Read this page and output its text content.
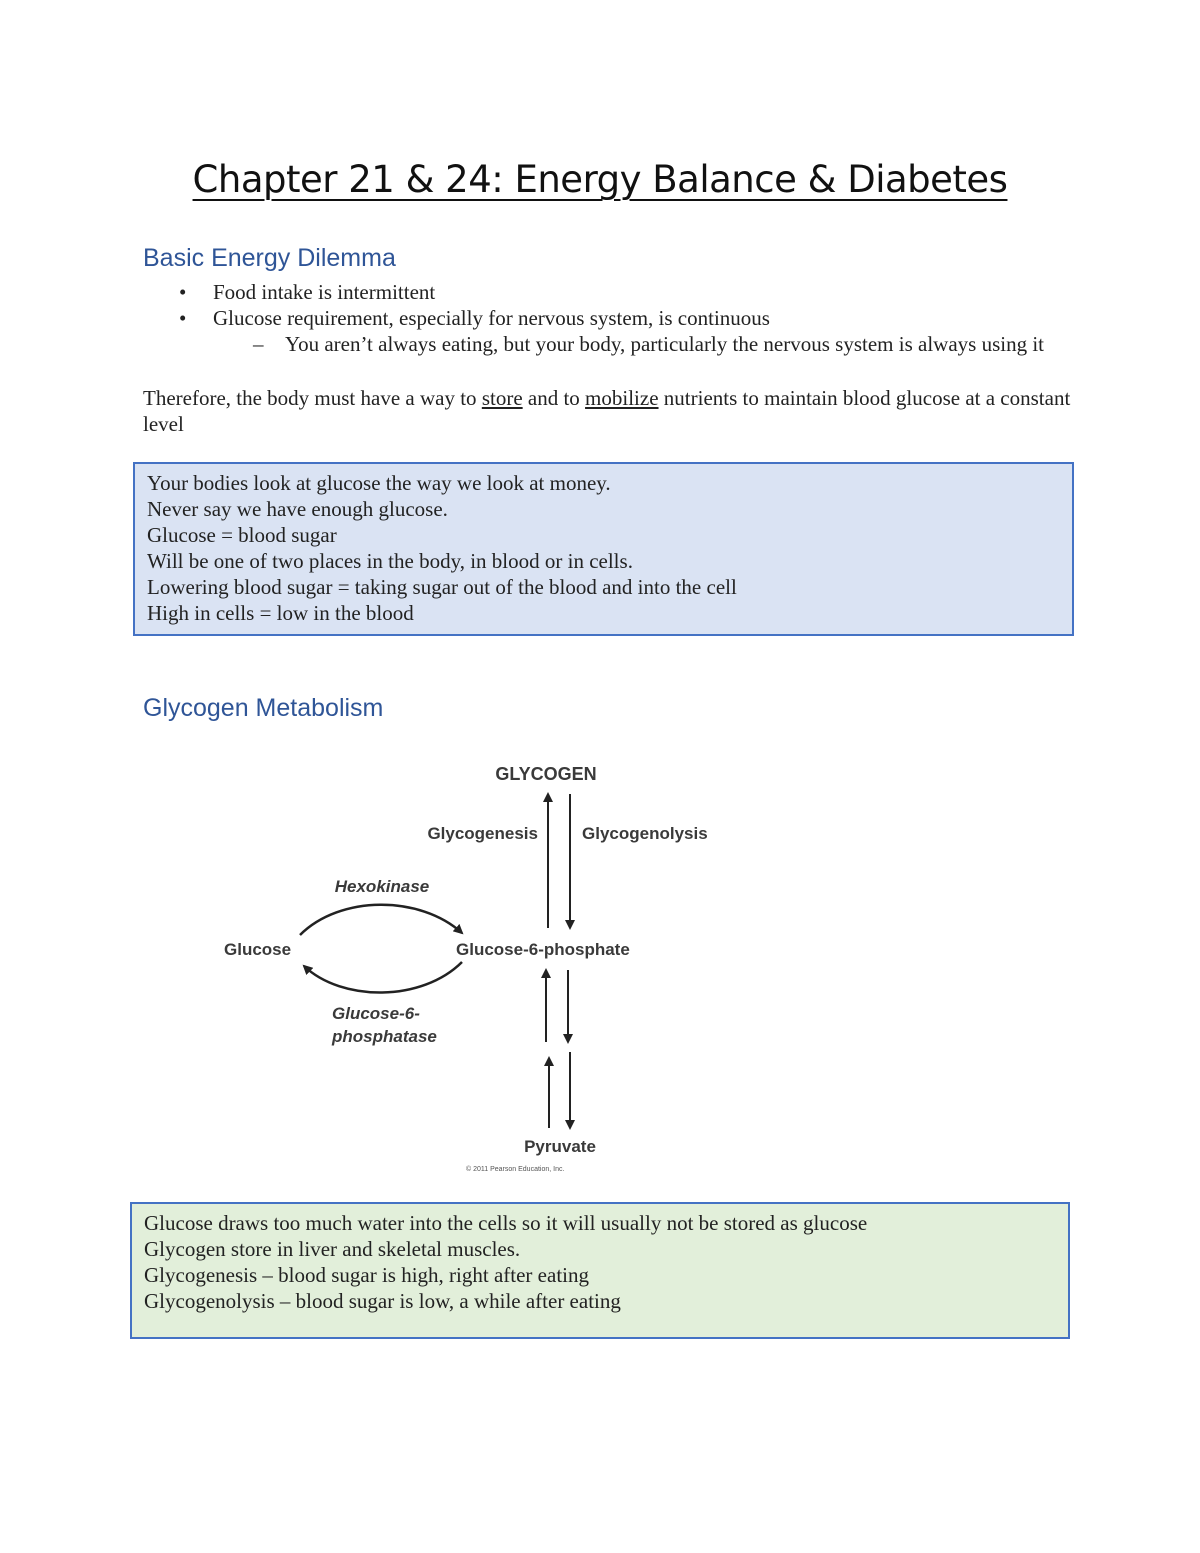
Chapter 21 & 24: Energy Balance & Diabetes
Basic Energy Dilemma
• Food intake is intermittent
• Glucose requirement, especially for nervous system, is continuous
– You aren’t always eating, but your body, particularly the nervous system is always using it
Therefore, the body must have a way to store and to mobilize nutrients to maintain blood glucose at a constant level
Your bodies look at glucose the way we look at money.
Never say we have enough glucose.
Glucose = blood sugar
Will be one of two places in the body, in blood or in cells.
Lowering blood sugar = taking sugar out of the blood and into the cell
High in cells = low in the blood
Glycogen Metabolism
GLYCOGEN
Glycogenesis	Glycogenolysis
Hexokinase
Glucose	Glucose-6-phosphate
Glucose-6-
phosphatase
Pyruvate
© 2011 Pearson Education, Inc.
Glucose draws too much water into the cells so it will usually not be stored as glucose
Glycogen store in liver and skeletal muscles.
Glycogenesis – blood sugar is high, right after eating
Glycogenolysis – blood sugar is low, a while after eating
